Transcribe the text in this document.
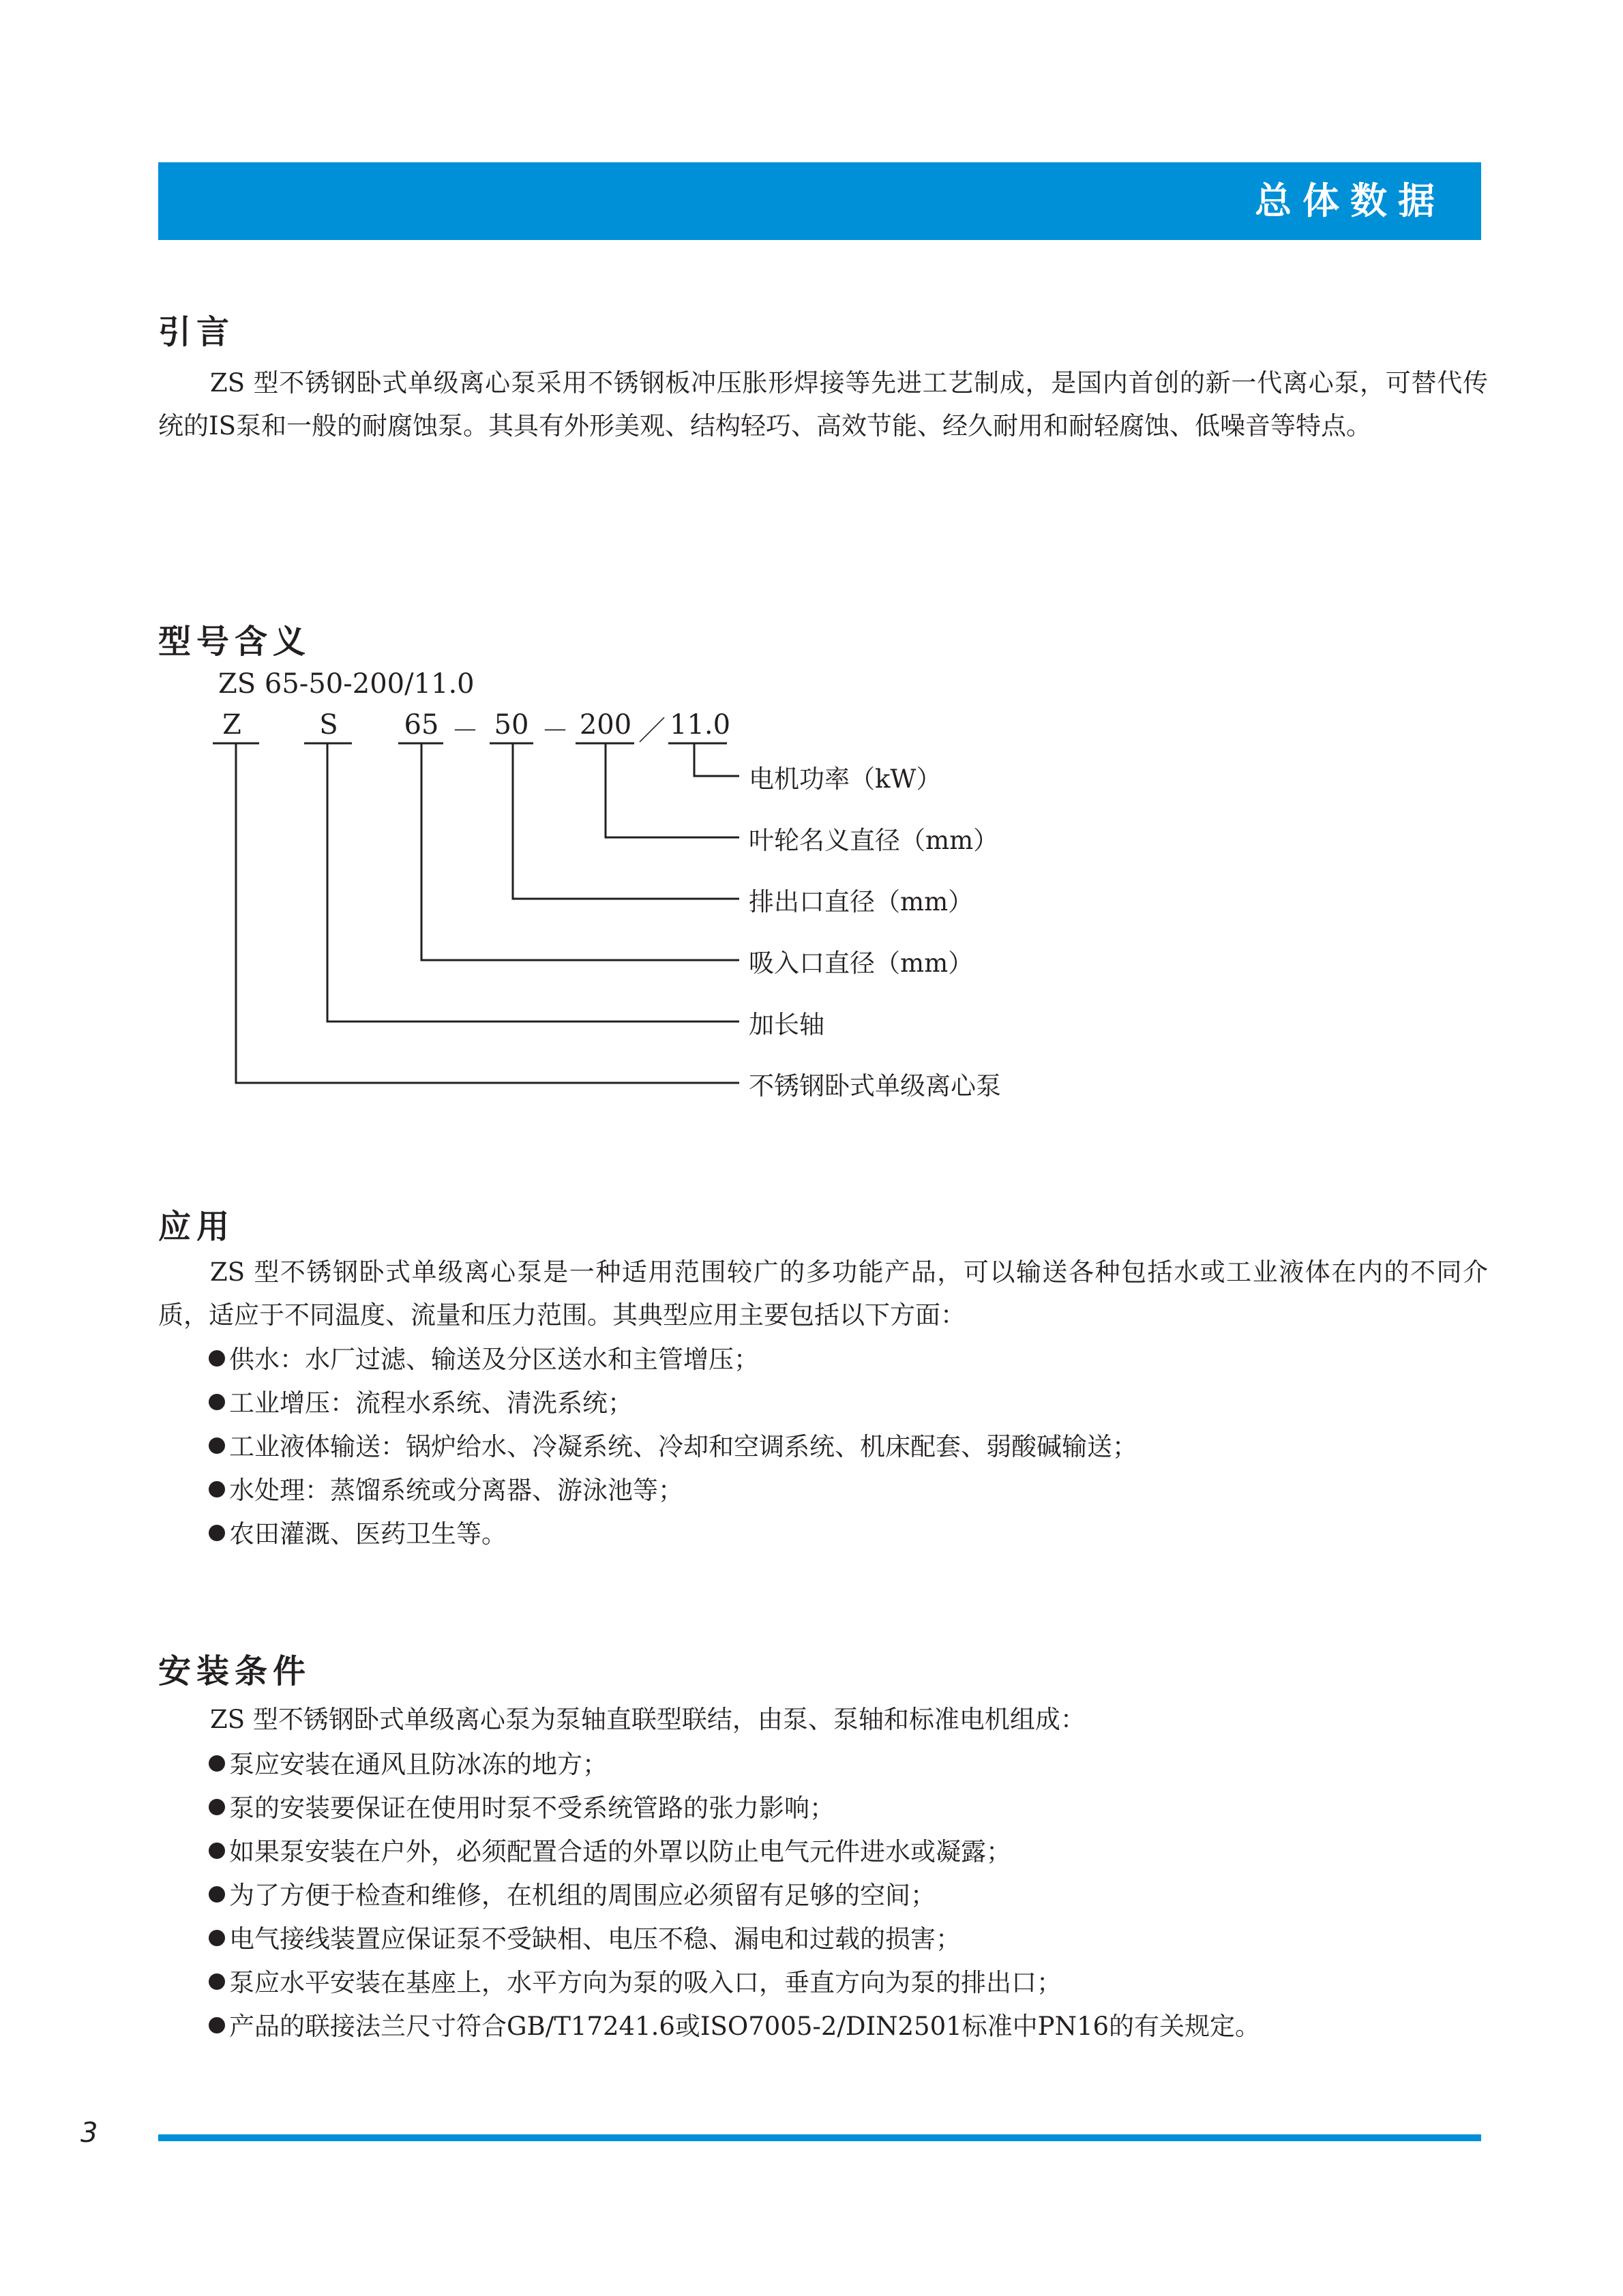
总体数据
引言

ZS 型不锈钢卧式单级离心泵采用不锈钢板冲压胀形焊接等先进工艺制成，是国内首创的新一代离心泵，可替代传统的IS泵和一般的耐腐蚀泵。其具有外形美观、结构轻巧、高效节能、经久耐用和耐轻腐蚀、低噪音等特点。

型号含义
ZS 65-50-200/11.0
Z	S 65 － 50 － 200 ／ 11.0
电机功率（kW）
叶轮名义直径（mm）
排出口直径（mm）
吸入口直径（mm）
加长轴
不锈钢卧式单级离心泵
应用

ZS 型不锈钢卧式单级离心泵是一种适用范围较广的多功能产品，可以输送各种包括水或工业液体在内的不同介质，适应于不同温度、流量和压力范围。其典型应用主要包括以下方面：

供水：水厂过滤、输送及分区送水和主管增压；
工业增压：流程水系统、清洗系统；
工业液体输送：锅炉给水、冷凝系统、冷却和空调系统、机床配套、弱酸碱输送；
水处理：蒸馏系统或分离器、游泳池等；
农田灌溉、医药卫生等。
安装条件

ZS 型不锈钢卧式单级离心泵为泵轴直联型联结，由泵、泵轴和标准电机组成：

泵应安装在通风且防冰冻的地方；
泵的安装要保证在使用时泵不受系统管路的张力影响；
如果泵安装在户外，必须配置合适的外罩以防止电气元件进水或凝露；
为了方便于检查和维修，在机组的周围应必须留有足够的空间；
电气接线装置应保证泵不受缺相、电压不稳、漏电和过载的损害；
泵应水平安装在基座上，水平方向为泵的吸入口，垂直方向为泵的排出口；
产品的联接法兰尺寸符合GB/T17241.6或ISO7005-2/DIN2501标准中PN16的有关规定。
3
